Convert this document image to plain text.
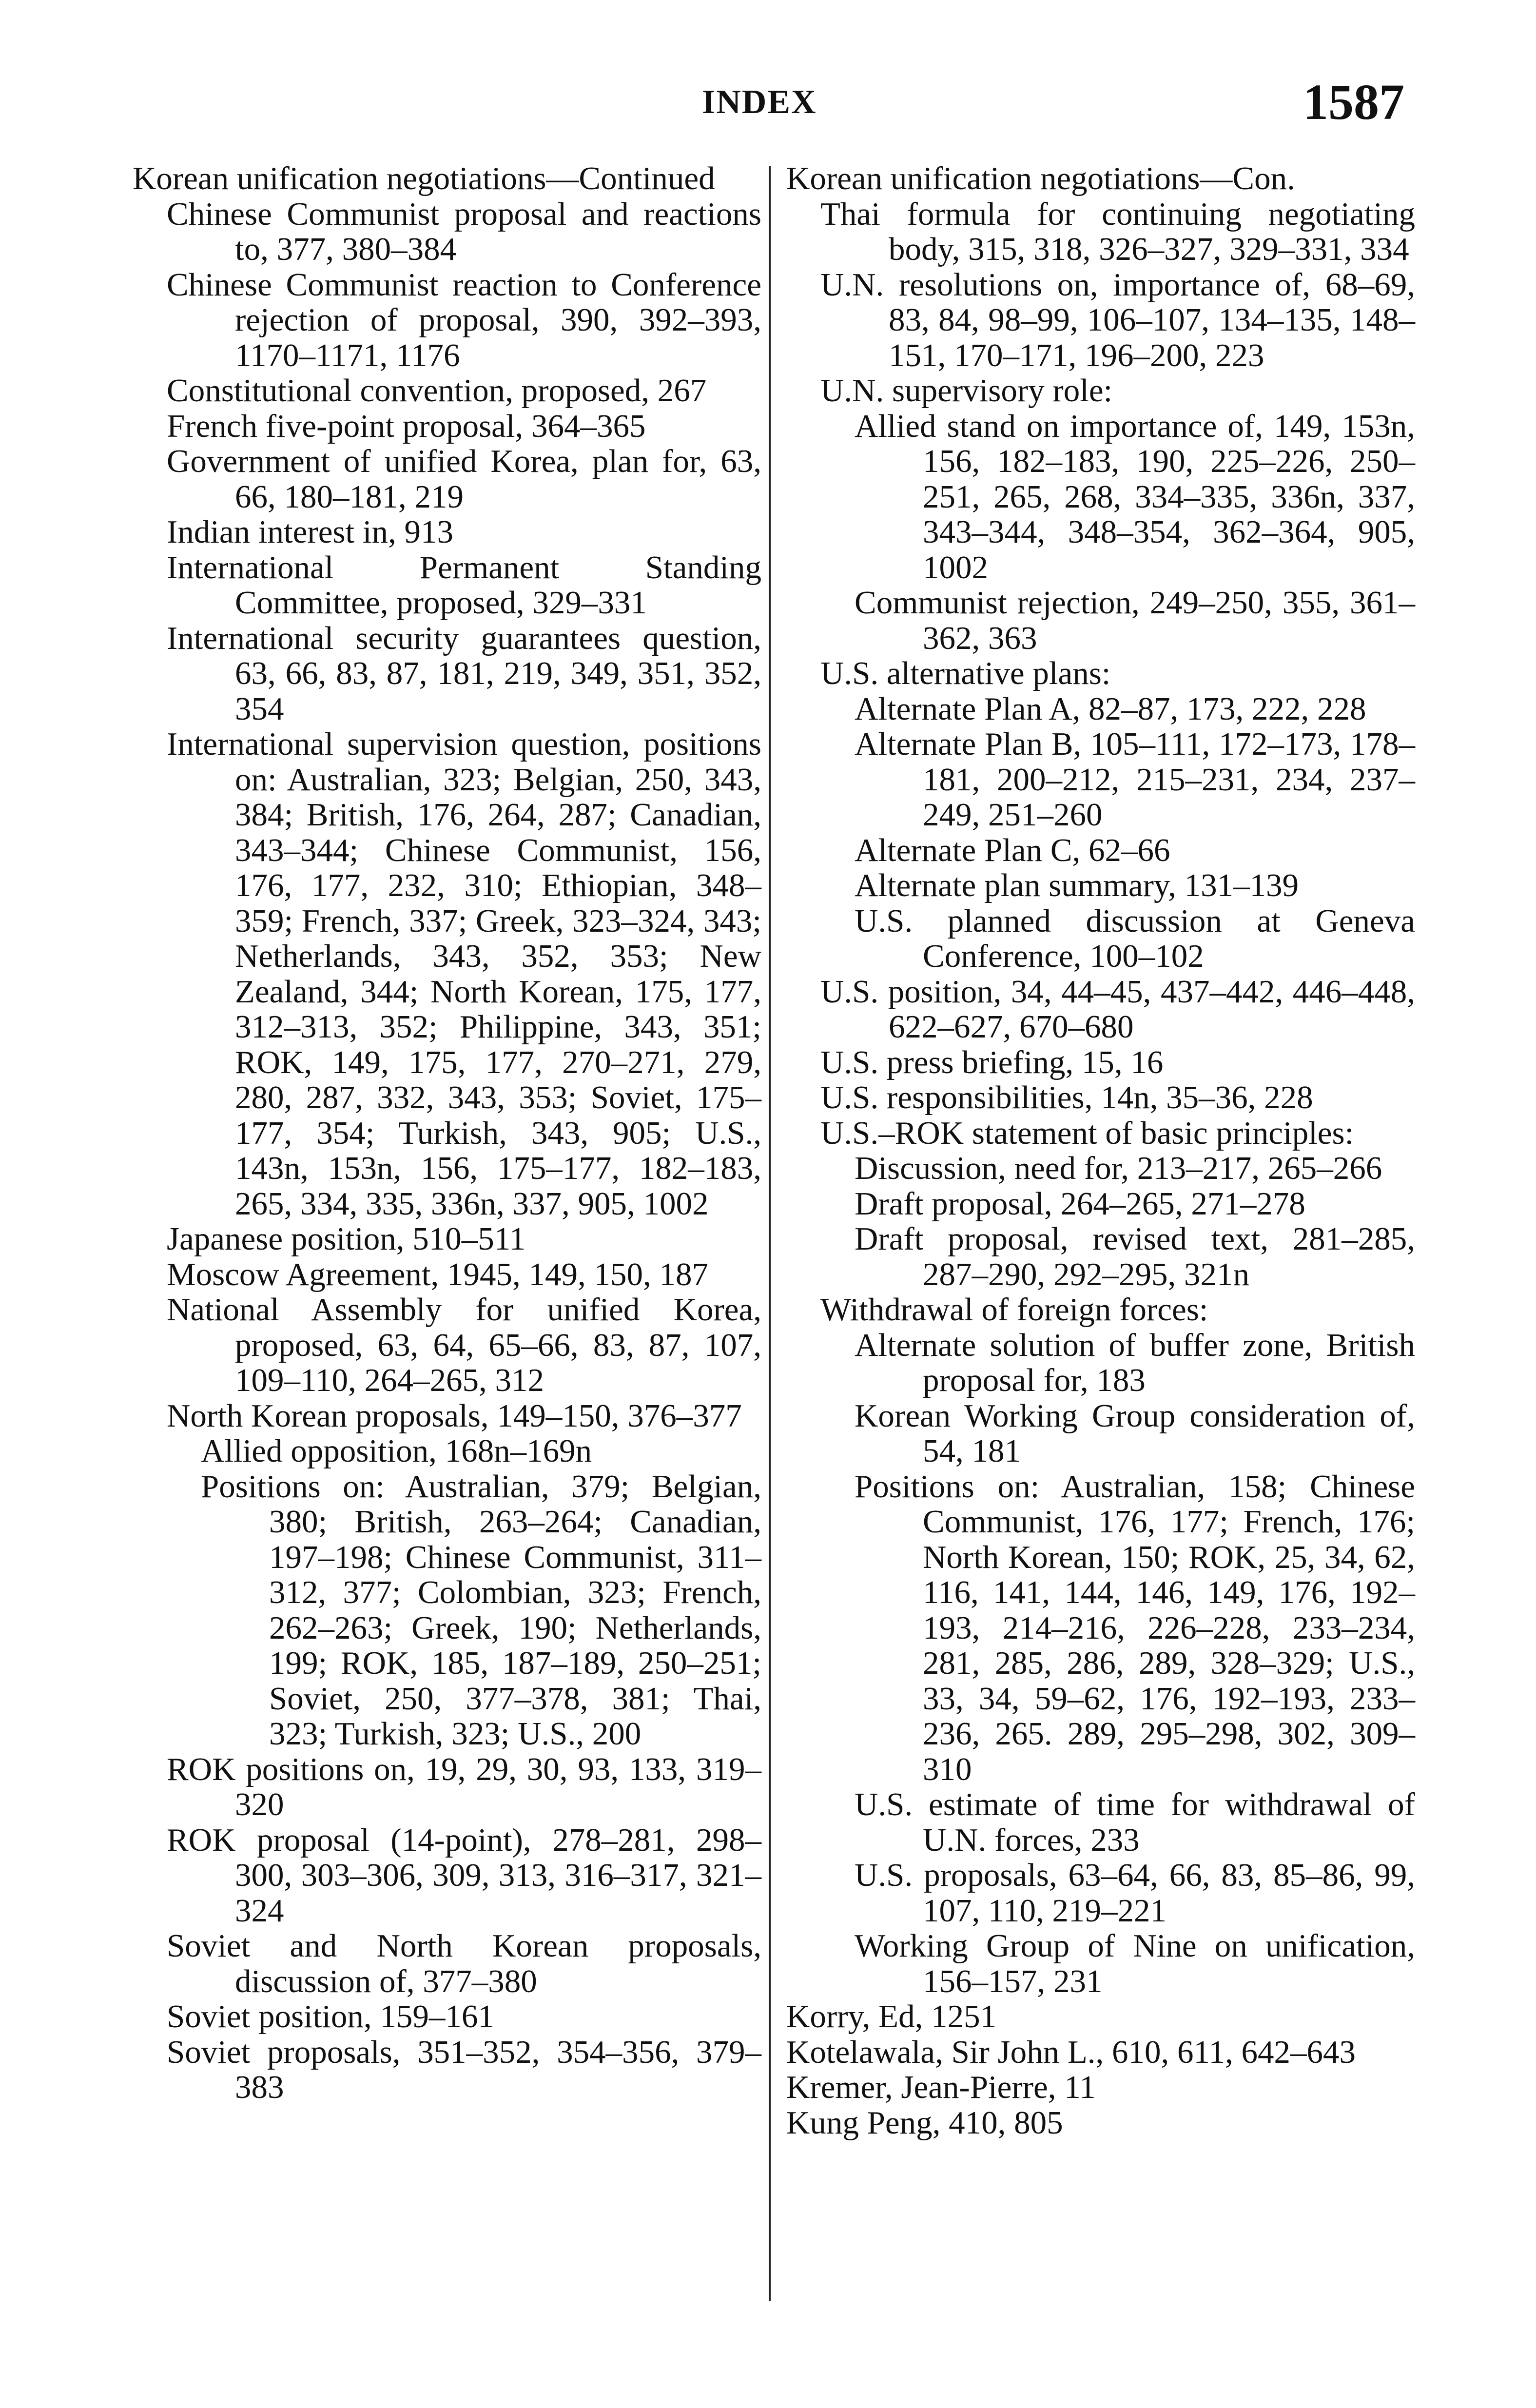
INDEX	1587

Korean unification negotiations—Continued

Chinese Communist proposal and reactions to, 377, 380–384

Chinese Communist reaction to Conference rejection of proposal, 390, 392–393, 1170–1171, 1176

Constitutional convention, proposed, 267

French five-point proposal, 364–365

Government of unified Korea, plan for, 63, 66, 180–181, 219

Indian interest in, 913

International Permanent Standing Committee, proposed, 329–331

International security guarantees question, 63, 66, 83, 87, 181, 219, 349, 351, 352, 354

International supervision question, positions on: Australian, 323; Belgian, 250, 343, 384; British, 176, 264, 287; Canadian, 343–344; Chinese Communist, 156, 176, 177, 232, 310; Ethiopian, 348–359; French, 337; Greek, 323–324, 343; Netherlands, 343, 352, 353; New Zealand, 344; North Korean, 175, 177, 312–313, 352; Philippine, 343, 351; ROK, 149, 175, 177, 270–271, 279, 280, 287, 332, 343, 353; Soviet, 175–177, 354; Turkish, 343, 905; U.S., 143n, 153n, 156, 175–177, 182–183, 265, 334, 335, 336n, 337, 905, 1002

Japanese position, 510–511

Moscow Agreement, 1945, 149, 150, 187

National Assembly for unified Korea, proposed, 63, 64, 65–66, 83, 87, 107, 109–110, 264–265, 312

North Korean proposals, 149–150, 376–377

Allied opposition, 168n–169n

Positions on: Australian, 379; Belgian, 380; British, 263–264; Canadian, 197–198; Chinese Communist, 311–312, 377; Colombian, 323; French, 262–263; Greek, 190; Netherlands, 199; ROK, 185, 187–189, 250–251; Soviet, 250, 377–378, 381; Thai, 323; Turkish, 323; U.S., 200

ROK positions on, 19, 29, 30, 93, 133, 319–320

ROK proposal (14-point), 278–281, 298–300, 303–306, 309, 313, 316–317, 321–324

Soviet and North Korean proposals, discussion of, 377–380

Soviet position, 159–161

Soviet proposals, 351–352, 354–356, 379–383

Korean unification negotiations—Con.

Thai formula for continuing negotiating body, 315, 318, 326–327, 329–331, 334

U.N. resolutions on, importance of, 68–69, 83, 84, 98–99, 106–107, 134–135, 148–151, 170–171, 196–200, 223

U.N. supervisory role:

Allied stand on importance of, 149, 153n, 156, 182–183, 190, 225–226, 250–251, 265, 268, 334–335, 336n, 337, 343–344, 348–354, 362–364, 905, 1002

Communist rejection, 249–250, 355, 361–362, 363

U.S. alternative plans:

Alternate Plan A, 82–87, 173, 222, 228

Alternate Plan B, 105–111, 172–173, 178–181, 200–212, 215–231, 234, 237–249, 251–260

Alternate Plan C, 62–66

Alternate plan summary, 131–139

U.S. planned discussion at Geneva Conference, 100–102

U.S. position, 34, 44–45, 437–442, 446–448, 622–627, 670–680

U.S. press briefing, 15, 16

U.S. responsibilities, 14n, 35–36, 228

U.S.–ROK statement of basic principles:

Discussion, need for, 213–217, 265–266

Draft proposal, 264–265, 271–278

Draft proposal, revised text, 281–285, 287–290, 292–295, 321n

Withdrawal of foreign forces:

Alternate solution of buffer zone, British proposal for, 183

Korean Working Group consideration of, 54, 181

Positions on: Australian, 158; Chinese Communist, 176, 177; French, 176; North Korean, 150; ROK, 25, 34, 62, 116, 141, 144, 146, 149, 176, 192–193, 214–216, 226–228, 233–234, 281, 285, 286, 289, 328–329; U.S., 33, 34, 59–62, 176, 192–193, 233–236, 265. 289, 295–298, 302, 309–310

U.S. estimate of time for withdrawal of U.N. forces, 233

U.S. proposals, 63–64, 66, 83, 85–86, 99, 107, 110, 219–221

Working Group of Nine on unification, 156–157, 231

Korry, Ed, 1251

Kotelawala, Sir John L., 610, 611, 642–643

Kremer, Jean-Pierre, 11

Kung Peng, 410, 805
